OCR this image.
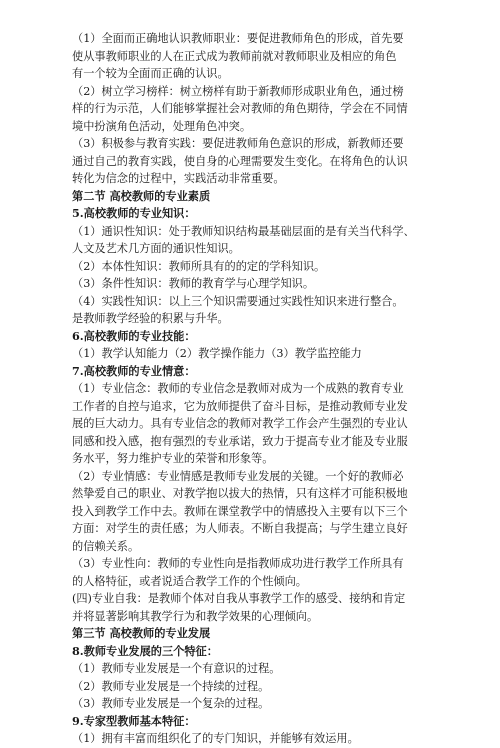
（1）全面而正确地认识教师职业：要促进教师角色的形成，首先要
使从事教师职业的人在正式成为教师前就对教师职业及相应的角色
有一个较为全面而正确的认识。
（2）树立学习榜样：树立榜样有助于新教师形成职业角色，通过榜
样的行为示范，人们能够掌握社会对教师的角色期待，学会在不同情
境中扮演角色活动，处理角色冲突。
（3）积极参与教育实践：要促进教师角色意识的形成，新教师还要
通过自己的教育实践，使自身的心理需要发生变化。在将角色的认识
转化为信念的过程中，实践活动非常重要。
第二节 高校教师的专业素质
5.高校教师的专业知识：
（1）通识性知识：处于教师知识结构最基础层面的是有关当代科学、
人文及艺术几方面的通识性知识。
（2）本体性知识：教师所具有的的定的学科知识。
（3）条件性知识：教师的教育学与心理学知识。
（4）实践性知识：以上三个知识需要通过实践性知识来进行整合。
是教师教学经验的积累与升华。
6.高校教师的专业技能：
（1）教学认知能力（2）教学操作能力（3）教学监控能力
7.高校教师的专业情意：
（1）专业信念：教师的专业信念是教师对成为一个成熟的教育专业
工作者的自控与追求，它为放师提供了奋斗目标，是推动教师专业发
展的巨大动力。具有专业信念的教师对教学工作会产生强烈的专业认
同感和投入感，抱有强烈的专业承诺，致力于提高专业才能及专业服
务水平，努力维护专业的荣誉和形象等。
（2）专业情感：专业情感是教师专业发展的关键。一个好的教师必
然挚爱自己的职业、对教学抱以拔大的热情，只有这样才可能积极地
投入到教学工作中去。教师在课堂教学中的情感投入主要有以下三个
方面：对学生的责任感；为人师表。不断自我提高；与学生建立良好
的信赖关系。
（3）专业性向：教师的专业性向是指教师成功进行教学工作所具有
的人格特征，或者说适合教学工作的个性倾向。
(四)专业自我：是教师个体对自我从事教学工作的感受、接纳和肯定
并将显著影响其教学行为和教学效果的心理倾向。
第三节 高校教师的专业发展
8.教师专业发展的三个特征：
（1）教师专业发展是一个有意识的过程。
（2）教师专业发展是一个持续的过程。
（3）教师专业发展是一个复杂的过程。
9.专家型教师基本特征：
（1）拥有丰富而组织化了的专门知识，并能够有效运用。
